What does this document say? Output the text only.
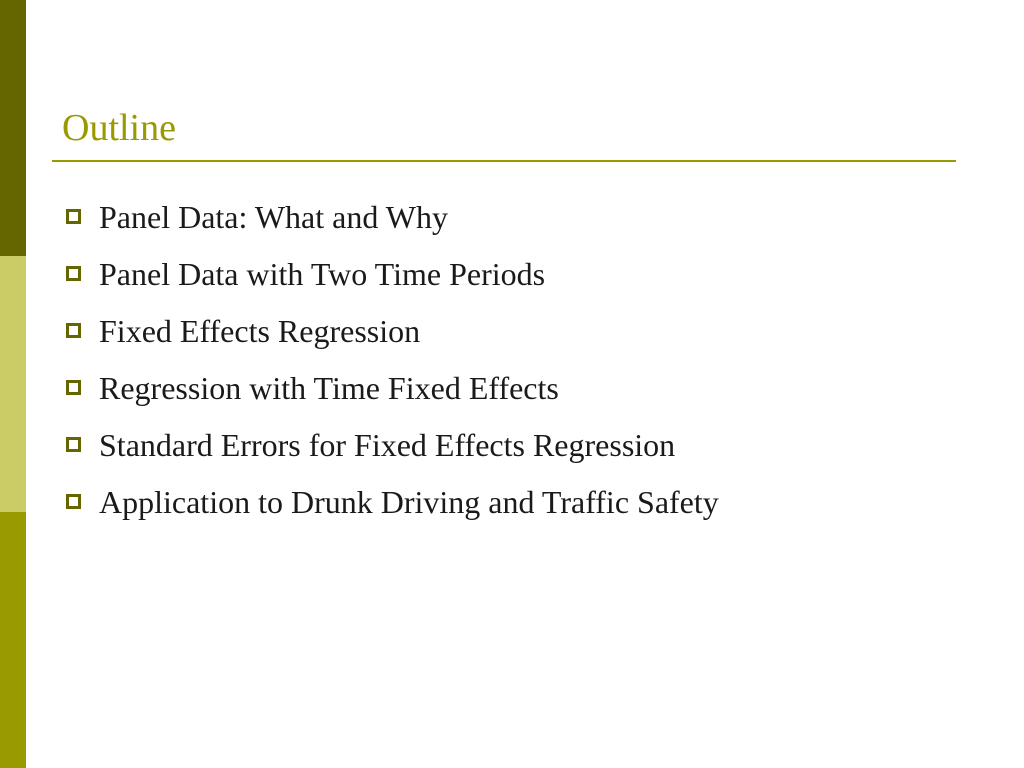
Outline
Panel Data: What and Why
Panel Data with Two Time Periods
Fixed Effects Regression
Regression with Time Fixed Effects
Standard Errors for Fixed Effects Regression
Application to Drunk Driving and Traffic Safety
